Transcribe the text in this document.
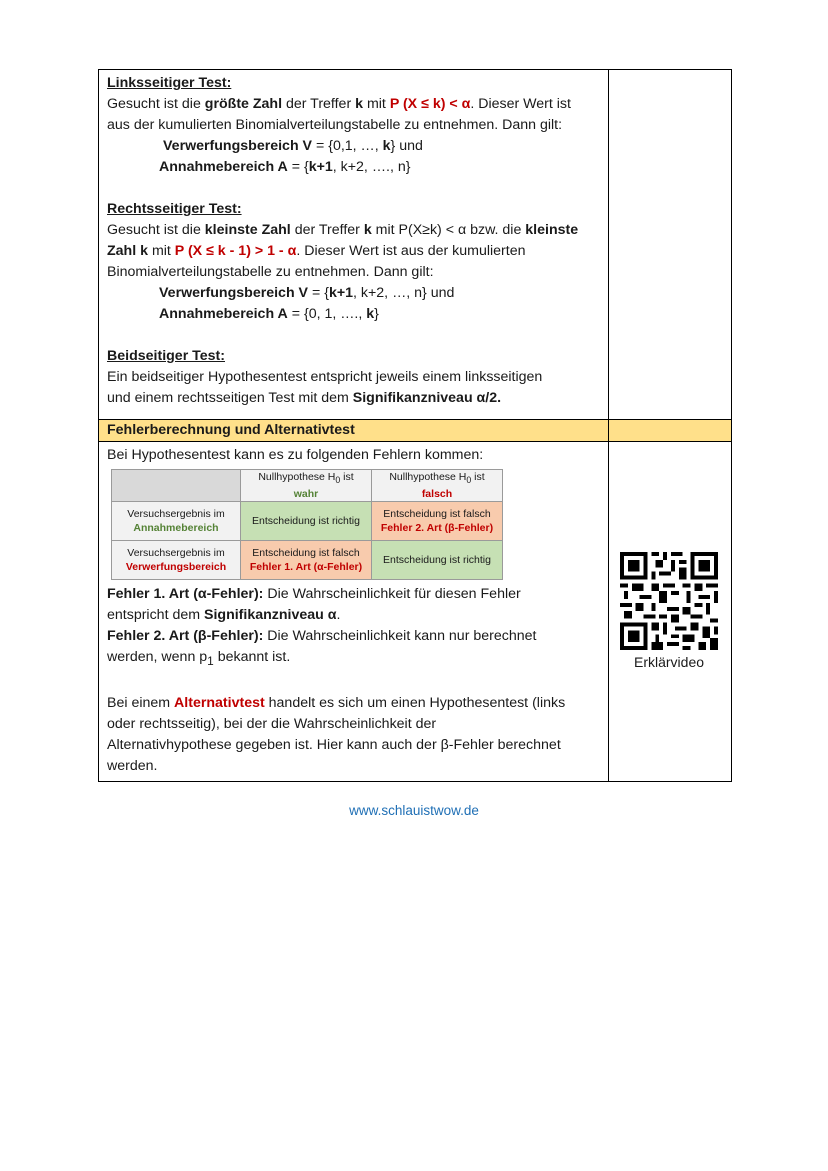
Linksseitiger Test:
Gesucht ist die größte Zahl der Treffer k mit P (X ≤ k) < α. Dieser Wert ist
aus der kumulierten Binomialverteilungstabelle zu entnehmen. Dann gilt:
Verwerfungsbereich V = {0,1, …, k} und
Annahmebereich A = {k+1, k+2, …., n}
Rechtsseitiger Test:
Gesucht ist die kleinste Zahl der Treffer k mit P(X≥k) < α bzw. die kleinste
Zahl k mit P (X ≤ k - 1) > 1 - α. Dieser Wert ist aus der kumulierten
Binomialverteilungstabelle zu entnehmen. Dann gilt:
Verwerfungsbereich V = {k+1, k+2, …, n} und
Annahmebereich A = {0, 1, …., k}
Beidseitiger Test:
Ein beidseitiger Hypothesentest entspricht jeweils einem linksseitigen
und einem rechtsseitigen Test mit dem Signifikanzniveau α/2.
Fehlerberechnung und Alternativtest
Bei Hypothesentest kann es zu folgenden Fehlern kommen:
	Nullhypothese $H_0$ ist
wahr	Nullhypothese $H_0$ ist
falsch
Versuchsergebnis im
Annahmebereich	Entscheidung ist richtig	Entscheidung ist falsch
Fehler 2. Art (β-Fehler)
Versuchsergebnis im
Verwerfungsbereich	Entscheidung ist falsch
Fehler 1. Art (α-Fehler)	Entscheidung ist richtig
Fehler 1. Art (α-Fehler): Die Wahrscheinlichkeit für diesen Fehler
entspricht dem Signifikanzniveau α.
Fehler 2. Art (β-Fehler): Die Wahrscheinlichkeit kann nur berechnet
werden, wenn $p_1$ bekannt ist.
Bei einem Alternativtest handelt es sich um einen Hypothesentest (links
oder rechtsseitig), bei der die Wahrscheinlichkeit der
Alternativhypothese gegeben ist. Hier kann auch der β-Fehler berechnet
werden.
Erklärvideo
www.schlauistwow.de
